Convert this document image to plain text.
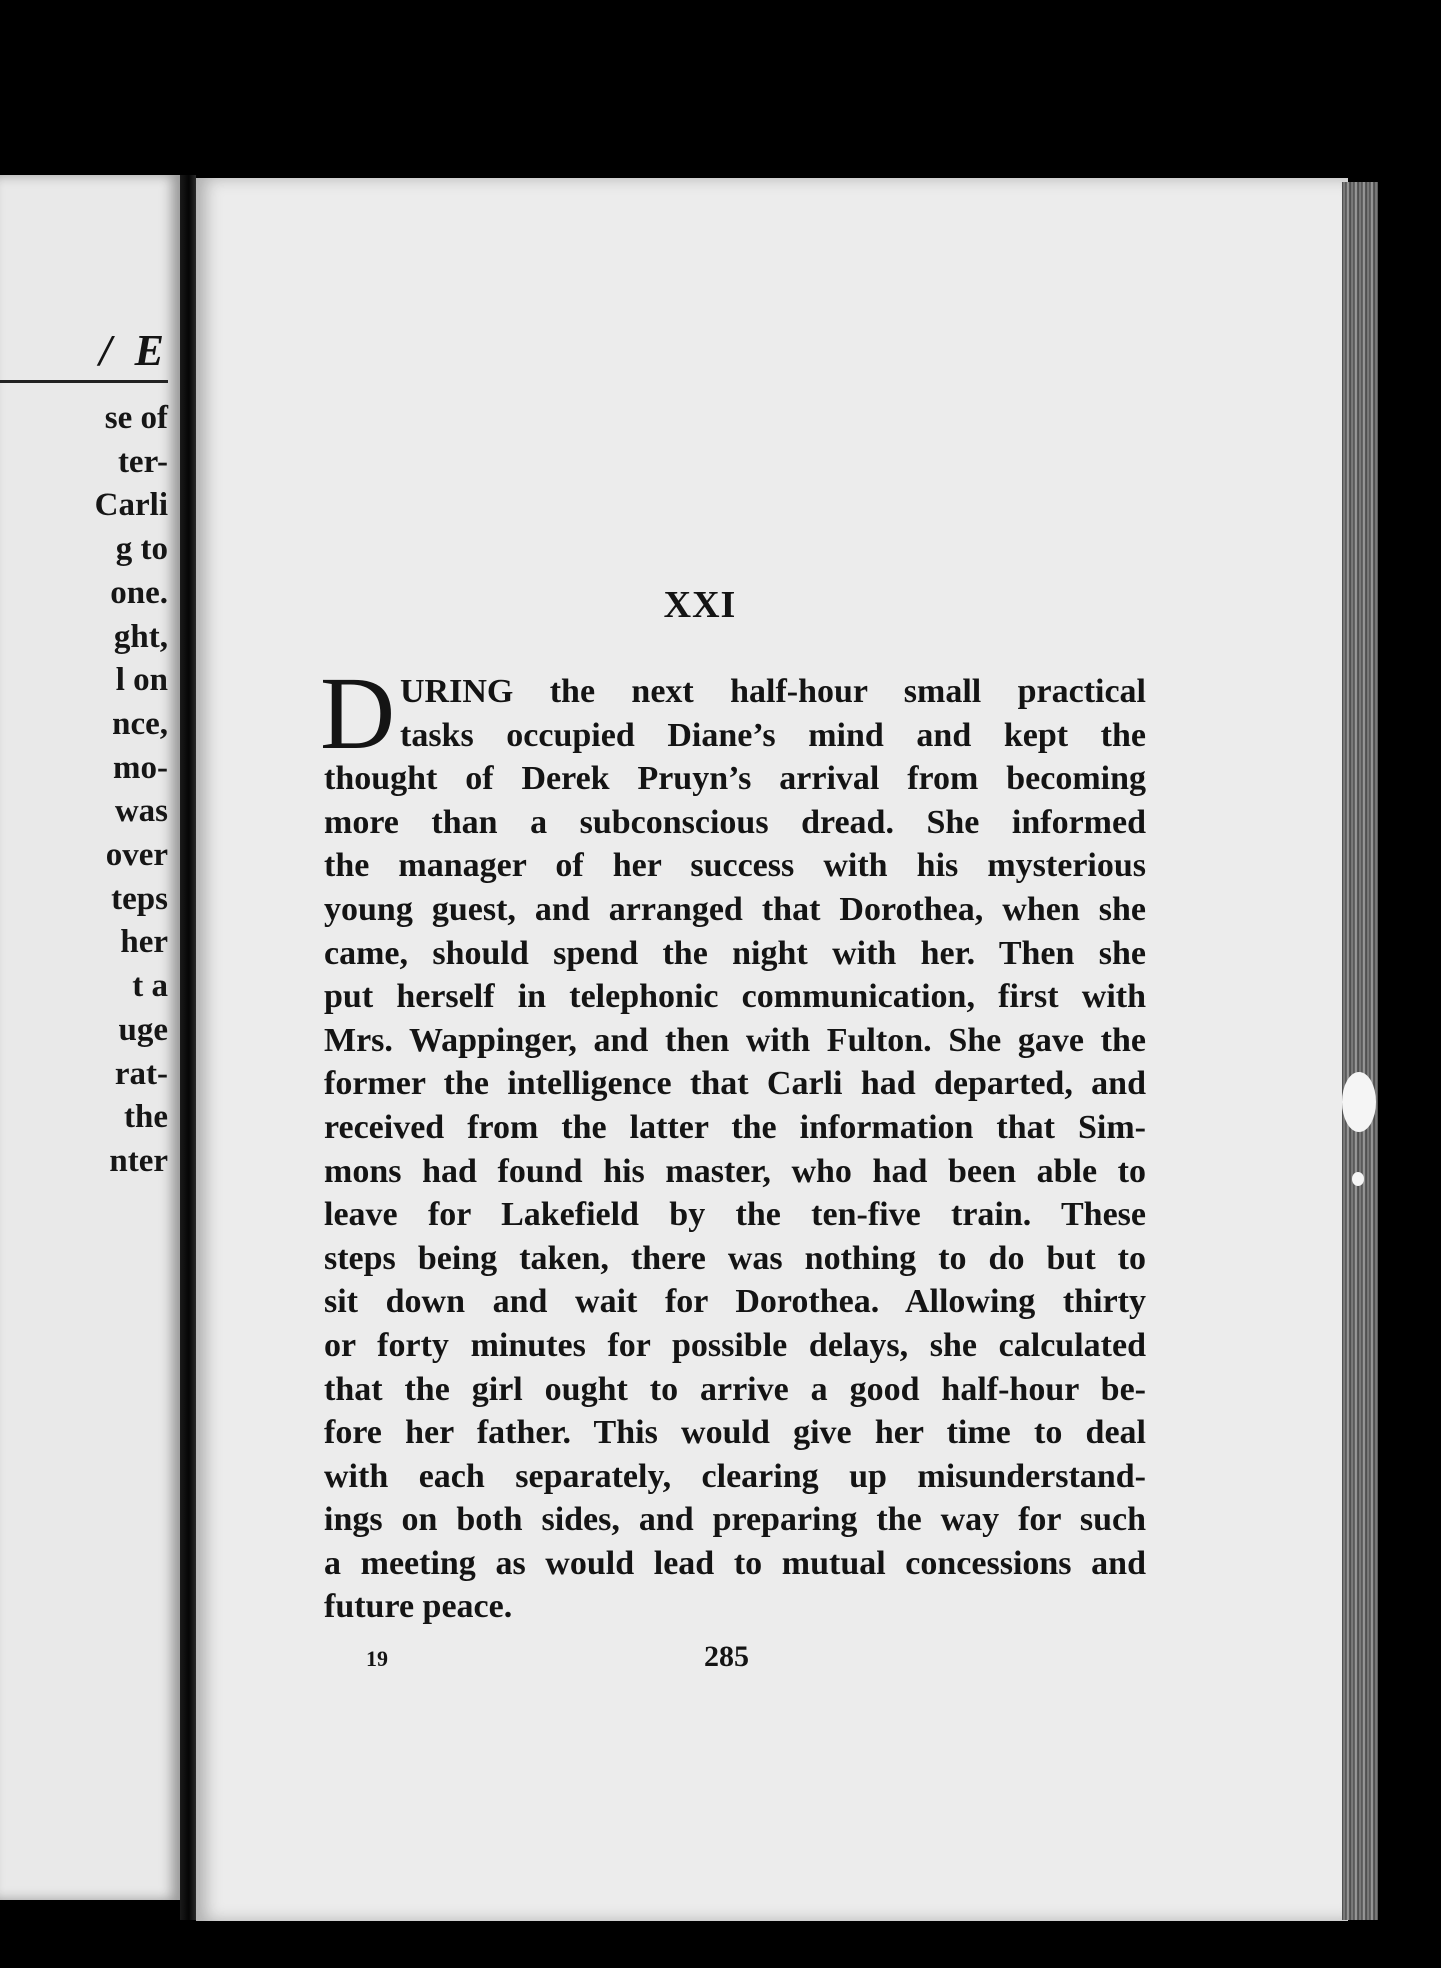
/ E
se of
ter-
Carli
g to
one.
ght,
l on
nce,
mo-
was
over
teps
her
t a
uge
rat-
the
nter
XXI
D URING the next half-hour small practical
tasks occupied Diane’s mind and kept the
thought of Derek Pruyn’s arrival from becoming
more than a subconscious dread. She informed
the manager of her success with his mysterious
young guest, and arranged that Dorothea, when she
came, should spend the night with her. Then she
put herself in telephonic communication, first with
Mrs. Wappinger, and then with Fulton. She gave the
former the intelligence that Carli had departed, and
received from the latter the information that Sim-
mons had found his master, who had been able to
leave for Lakefield by the ten-five train. These
steps being taken, there was nothing to do but to
sit down and wait for Dorothea. Allowing thirty
or forty minutes for possible delays, she calculated
that the girl ought to arrive a good half-hour be-
fore her father. This would give her time to deal
with each separately, clearing up misunderstand-
ings on both sides, and preparing the way for such
a meeting as would lead to mutual concessions and
future peace.
19	285
